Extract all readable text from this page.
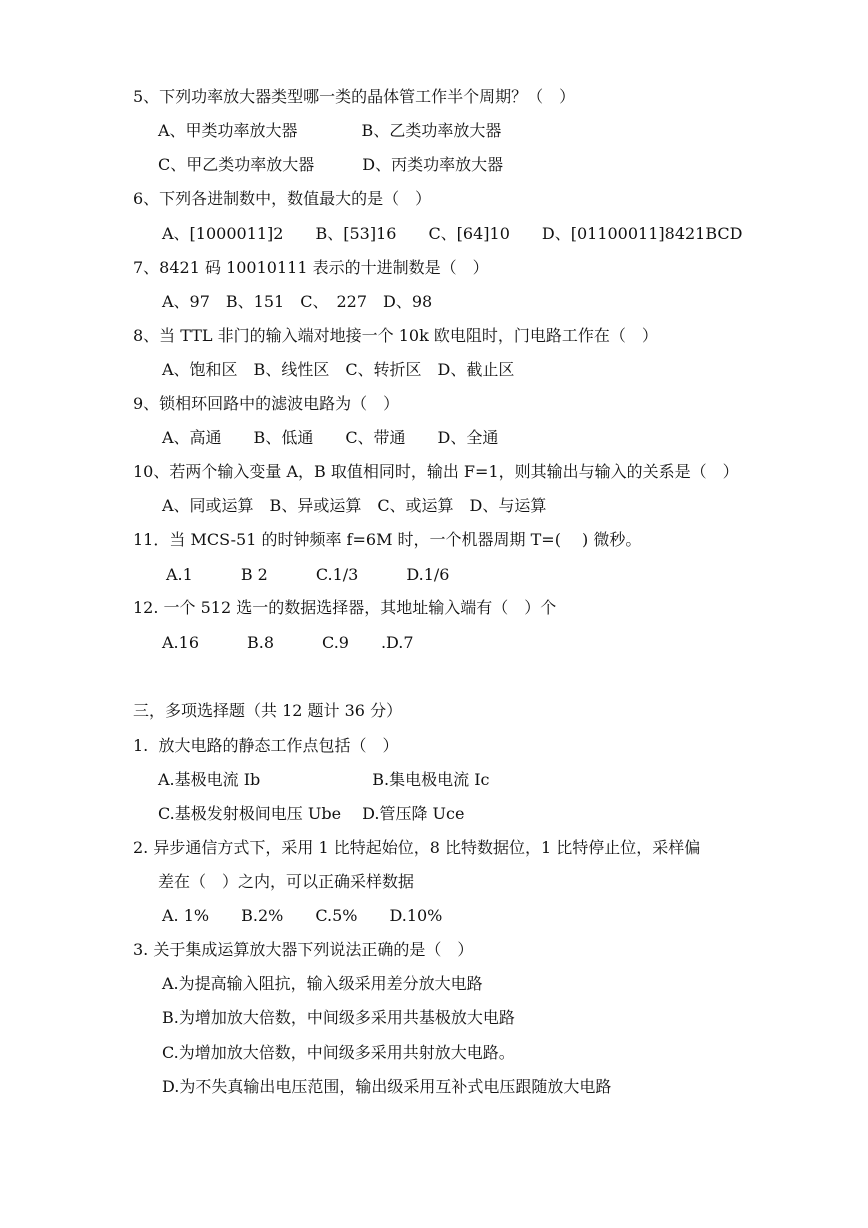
5、下列功率放大器类型哪一类的晶体管工作半个周期？（　）
A、甲类功率放大器　　　　B、乙类功率放大器
C、甲乙类功率放大器　　　D、丙类功率放大器
6、下列各进制数中，数值最大的是（　）
A、[1000011]2　　B、[53]16　　C、[64]10　　D、[01100011]8421BCD
7、8421 码 10010111 表示的十进制数是（　）
A、97　B、151　C、　227　D、98
8、当 TTL 非门的输入端对地接一个 10k 欧电阻时，门电路工作在（　）
A、饱和区　B、线性区　C、转折区　D、截止区
9、锁相环回路中的滤波电路为（　）
A、高通　　B、低通　　C、带通　　D、全通
10、若两个输入变量 A，B 取值相同时，输出 F=1，则其输出与输入的关系是（　）
A、同或运算　B、异或运算　C、或运算　D、与运算
11．当 MCS-51 的时钟频率 f=6M 时，一个机器周期 T=(　 ) 微秒。
A.1　　　B 2　　　C.1/3　　　D.1/6
12. 一个 512 选一的数据选择器，其地址输入端有（　）个
A.16　　　B.8　　　C.9　　.D.7
三，多项选择题（共 12 题计 36 分）
1.  放大电路的静态工作点包括（　）
A.基极电流 Ib　　　　　　　B.集电极电流 Ic
C.基极发射极间电压 Ube　 D.管压降 Uce
2. 异步通信方式下，采用 1 比特起始位，8 比特数据位，1 比特停止位，采样偏
差在（　）之内，可以正确采样数据
A. 1%　　B.2%　　C.5%　　D.10%
3. 关于集成运算放大器下列说法正确的是（　）
A.为提高输入阻抗，输入级采用差分放大电路
B.为增加放大倍数，中间级多采用共基极放大电路
C.为增加放大倍数，中间级多采用共射放大电路。
D.为不失真输出电压范围，输出级采用互补式电压跟随放大电路
